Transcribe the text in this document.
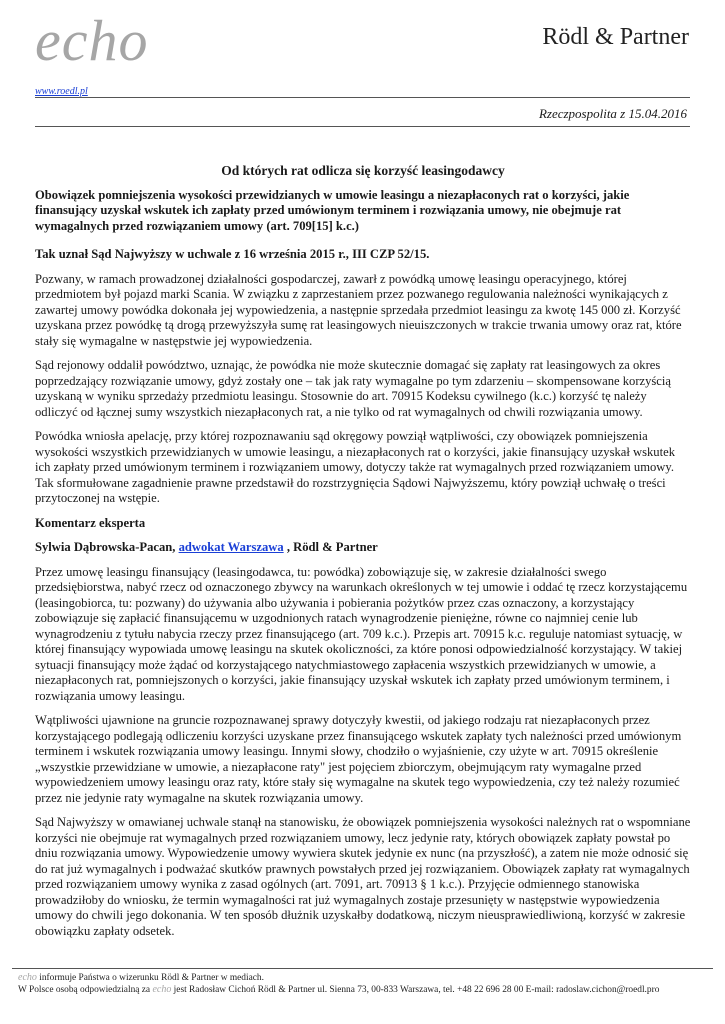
echo
www.roedl.pl
Rödl & Partner
Rzeczpospolita z 15.04.2016
Od których rat odlicza się korzyść leasingodawcy

Obowiązek pomniejszenia wysokości przewidzianych w umowie leasingu a niezapłaconych rat o korzyści, jakie finansujący uzyskał wskutek ich zapłaty przed umówionym terminem i rozwiązania umowy, nie obejmuje rat wymagalnych przed rozwiązaniem umowy (art. 709[15] k.c.)

Tak uznał Sąd Najwyższy w uchwale z 16 września 2015 r., III CZP 52/15.

Pozwany, w ramach prowadzonej działalności gospodarczej, zawarł z powódką umowę leasingu operacyjnego, której przedmiotem był pojazd marki Scania. W związku z zaprzestaniem przez pozwanego regulowania należności wynikających z zawartej umowy powódka dokonała jej wypowiedzenia, a następnie sprzedała przedmiot leasingu za kwotę 145 000 zł. Korzyść uzyskana przez powódkę tą drogą przewyższyła sumę rat leasingowych nieuiszczonych w trakcie trwania umowy oraz rat, które stały się wymagalne w następstwie jej wypowiedzenia.

Sąd rejonowy oddalił powództwo, uznając, że powódka nie może skutecznie domagać się zapłaty rat leasingowych za okres poprzedzający rozwiązanie umowy, gdyż zostały one – tak jak raty wymagalne po tym zdarzeniu – skompensowane korzyścią uzyskaną w wyniku sprzedaży przedmiotu leasingu. Stosownie do art. 70915 Kodeksu cywilnego (k.c.) korzyść tę należy odliczyć od łącznej sumy wszystkich niezapłaconych rat, a nie tylko od rat wymagalnych od chwili rozwiązania umowy.

Powódka wniosła apelację, przy której rozpoznawaniu sąd okręgowy powziął wątpliwości, czy obowiązek pomniejszenia wysokości wszystkich przewidzianych w umowie leasingu, a niezapłaconych rat o korzyści, jakie finansujący uzyskał wskutek ich zapłaty przed umówionym terminem i rozwiązaniem umowy, dotyczy także rat wymagalnych przed rozwiązaniem umowy. Tak sformułowane zagadnienie prawne przedstawił do rozstrzygnięcia Sądowi Najwyższemu, który powziął uchwałę o treści przytoczonej na wstępie.

Komentarz eksperta

Sylwia Dąbrowska-Pacan, adwokat Warszawa , Rödl & Partner

Przez umowę leasingu finansujący (leasingodawca, tu: powódka) zobowiązuje się, w zakresie działalności swego przedsiębiorstwa, nabyć rzecz od oznaczonego zbywcy na warunkach określonych w tej umowie i oddać tę rzecz korzystającemu (leasingobiorca, tu: pozwany) do używania albo używania i pobierania pożytków przez czas oznaczony, a korzystający zobowiązuje się zapłacić finansującemu w uzgodnionych ratach wynagrodzenie pieniężne, równe co najmniej cenie lub wynagrodzeniu z tytułu nabycia rzeczy przez finansującego (art. 709 k.c.). Przepis art. 70915 k.c. reguluje natomiast sytuację, w której finansujący wypowiada umowę leasingu na skutek okoliczności, za które ponosi odpowiedzialność korzystający. W takiej sytuacji finansujący może żądać od korzystającego natychmiastowego zapłacenia wszystkich przewidzianych w umowie, a niezapłaconych rat, pomniejszonych o korzyści, jakie finansujący uzyskał wskutek ich zapłaty przed umówionym terminem, i rozwiązania umowy leasingu.

Wątpliwości ujawnione na gruncie rozpoznawanej sprawy dotyczyły kwestii, od jakiego rodzaju rat niezapłaconych przez korzystającego podlegają odliczeniu korzyści uzyskane przez finansującego wskutek zapłaty tych należności przed umówionym terminem i wskutek rozwiązania umowy leasingu. Innymi słowy, chodziło o wyjaśnienie, czy użyte w art. 70915 określenie „wszystkie przewidziane w umowie, a niezapłacone raty" jest pojęciem zbiorczym, obejmującym raty wymagalne przed wypowiedzeniem umowy leasingu oraz raty, które stały się wymagalne na skutek tego wypowiedzenia, czy też należy rozumieć przez nie jedynie raty wymagalne na skutek rozwiązania umowy.

Sąd Najwyższy w omawianej uchwale stanął na stanowisku, że obowiązek pomniejszenia wysokości należnych rat o wspomniane korzyści nie obejmuje rat wymagalnych przed rozwiązaniem umowy, lecz jedynie raty, których obowiązek zapłaty powstał po dniu rozwiązania umowy. Wypowiedzenie umowy wywiera skutek jedynie ex nunc (na przyszłość), a zatem nie może odnosić się do rat już wymagalnych i podważać skutków prawnych powstałych przed jej rozwiązaniem. Obowiązek zapłaty rat wymagalnych przed rozwiązaniem umowy wynika z zasad ogólnych (art. 7091, art. 70913 § 1 k.c.). Przyjęcie odmiennego stanowiska prowadziłoby do wniosku, że termin wymagalności rat już wymagalnych zostaje przesunięty w następstwie wypowiedzenia umowy do chwili jego dokonania. W ten sposób dłużnik uzyskałby dodatkową, niczym nieusprawiedliwioną, korzyść w zakresie obowiązku zapłaty odsetek.

echo informuje Państwa o wizerunku Rödl & Partner w mediach.
W Polsce osobą odpowiedzialną za echo jest Radosław Cichoń Rödl & Partner ul. Sienna 73, 00-833 Warszawa, tel. +48 22 696 28 00 E-mail: radoslaw.cichon@roedl.pro
